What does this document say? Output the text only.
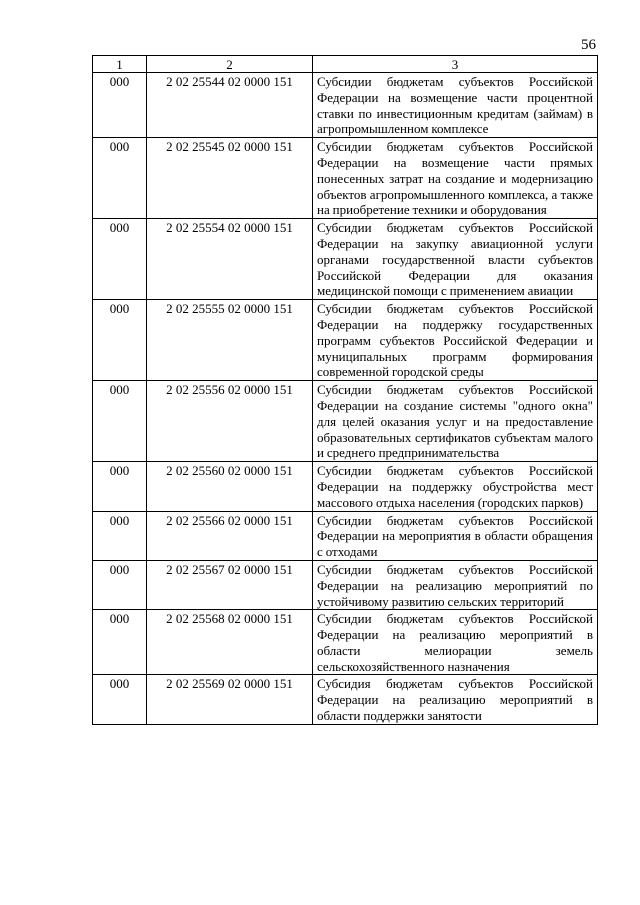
56
1	2	3
000	2 02 25544 02 0000 151	Субсидии бюджетам субъектов Российской Федерации на возмещение части процентной ставки по инвестиционным кредитам (займам) в агропромышленном комплексе
000	2 02 25545 02 0000 151	Субсидии бюджетам субъектов Российской Федерации на возмещение части прямых понесенных затрат на создание и модернизацию объектов агропромышленного комплекса, а также на приобретение техники и оборудования
000	2 02 25554 02 0000 151	Субсидии бюджетам субъектов Российской Федерации на закупку авиационной услуги органами государственной власти субъектов Российской Федерации для оказания медицинской помощи с применением авиации
000	2 02 25555 02 0000 151	Субсидии бюджетам субъектов Российской Федерации на поддержку государственных программ субъектов Российской Федерации и муниципальных программ формирования современной городской среды
000	2 02 25556 02 0000 151	Субсидии бюджетам субъектов Российской Федерации на создание системы "одного окна" для целей оказания услуг и на предоставление образовательных сертификатов субъектам малого и среднего предпринимательства
000	2 02 25560 02 0000 151	Субсидии бюджетам субъектов Российской Федерации на поддержку обустройства мест массового отдыха населения (городских парков)
000	2 02 25566 02 0000 151	Субсидии бюджетам субъектов Российской Федерации на мероприятия в области обращения с отходами
000	2 02 25567 02 0000 151	Субсидии бюджетам субъектов Российской Федерации на реализацию мероприятий по устойчивому развитию сельских территорий
000	2 02 25568 02 0000 151	Субсидии бюджетам субъектов Российской Федерации на реализацию мероприятий в области мелиорации земель сельскохозяйственного назначения
000	2 02 25569 02 0000 151	Субсидия бюджетам субъектов Российской Федерации на реализацию мероприятий в области поддержки занятости
